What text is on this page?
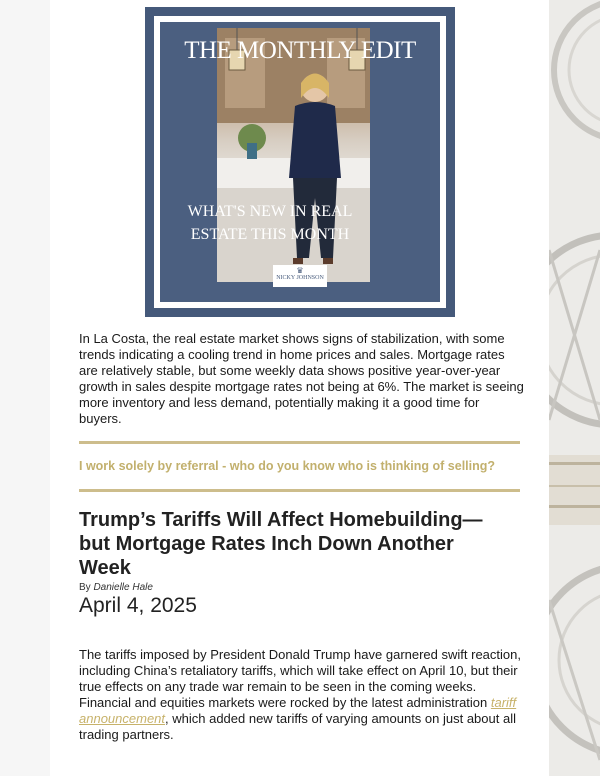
THE MONTHLY EDIT
WHAT'S NEW IN REAL
ESTATE THIS MONTH
♛
NICKY JOHNSON
In La Costa, the real estate market shows signs of stabilization, with some trends indicating a cooling trend in home prices and sales. Mortgage rates are relatively stable, but some weekly data shows positive year-over-year growth in sales despite mortgage rates not being at 6%. The market is seeing more inventory and less demand, potentially making it a good time for buyers.
I work solely by referral - who do you know who is thinking of selling?
Trump’s Tariffs Will Affect Homebuilding—but Mortgage Rates Inch Down Another Week
By Danielle Hale
April 4, 2025

The tariffs imposed by President Donald Trump have garnered swift reaction, including China’s retaliatory tariffs, which will take effect on April 10, but their true effects on any trade war remain to be seen in the coming weeks.

Financial and equities markets were rocked by the latest administration tariff announcement, which added new tariffs of varying amounts on just about all trading partners.
